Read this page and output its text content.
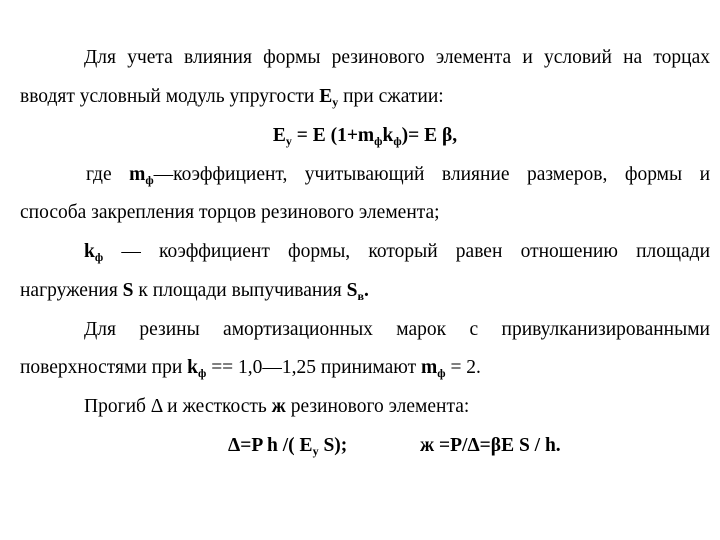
Для учета влияния формы резинового элемента и условий на торцах
вводят условный модуль упругости $E_у$ при сжатии:
$E_у = E$ $(1+m_фk_ф)= E$ β,
где $m_ф—коэффициент$, учитывающий влияние размеров, формы и
способа закрепления торцов резинового элемента;
$k_ф$ — коэффициент формы, который равен отношению площади
нагружения S к площади выпучивания $S_в$.
Для резины амортизационных марок с привулканизированными
поверхностями при $k_ф$ == 1,0—1,25 принимают $m_ф = 2$.
Прогиб Δ и жесткость ж резинового элемента:
Δ=P h /( $E_у$ S);	ж =P/Δ=βE S / h.
